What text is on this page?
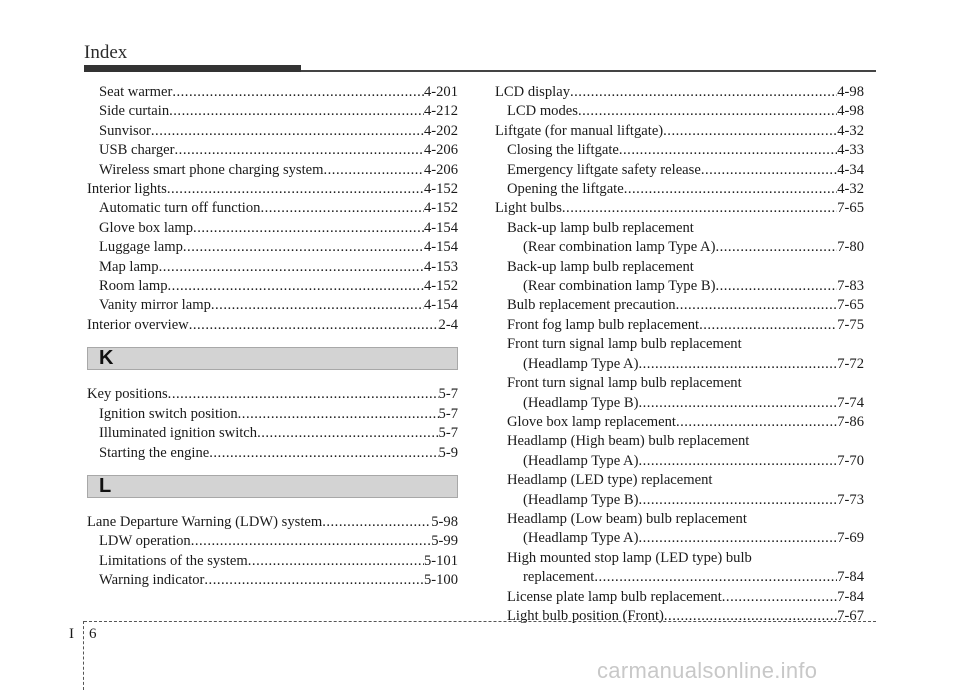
Index
Seat warmer .....	4-201
Side curtain .....	4-212
Sunvisor .....	4-202
USB charger .....	4-206
Wireless smart phone charging system .....	4-206
Interior lights .....	4-152
Automatic turn off function .....	4-152
Glove box lamp .....	4-154
Luggage lamp .....	4-154
Map lamp .....	4-153
Room lamp .....	4-152
Vanity mirror lamp .....	4-154
Interior overview .....	2-4
K
Key positions .....	5-7
Ignition switch position .....	5-7
Illuminated ignition switch .....	5-7
Starting the engine .....	5-9
L
Lane Departure Warning (LDW) system .....	5-98
LDW operation .....	5-99
Limitations of the system .....	5-101
Warning indicator .....	5-100
LCD display .....	4-98
LCD modes .....	4-98
Liftgate (for manual liftgate) .....	4-32
Closing the liftgate .....	4-33
Emergency liftgate safety release .....	4-34
Opening the liftgate .....	4-32
Light bulbs .....	7-65
Back-up lamp bulb replacement
(Rear combination lamp Type A) .....	7-80
Back-up lamp bulb replacement
(Rear combination lamp Type B) .....	7-83
Bulb replacement precaution .....	7-65
Front fog lamp bulb replacement .....	7-75
Front turn signal lamp bulb replacement
(Headlamp Type A) .....	7-72
Front turn signal lamp bulb replacement
(Headlamp Type B) .....	7-74
Glove box lamp replacement .....	7-86
Headlamp (High beam) bulb replacement
(Headlamp Type A) .....	7-70
Headlamp (LED type) replacement
(Headlamp Type B) .....	7-73
Headlamp (Low beam) bulb replacement
(Headlamp Type A) .....	7-69
High mounted stop lamp (LED type) bulb
replacement .....	7-84
License plate lamp bulb replacement .....	7-84
Light bulb position (Front) .....	7-67
I 6
carmanualsonline.info
